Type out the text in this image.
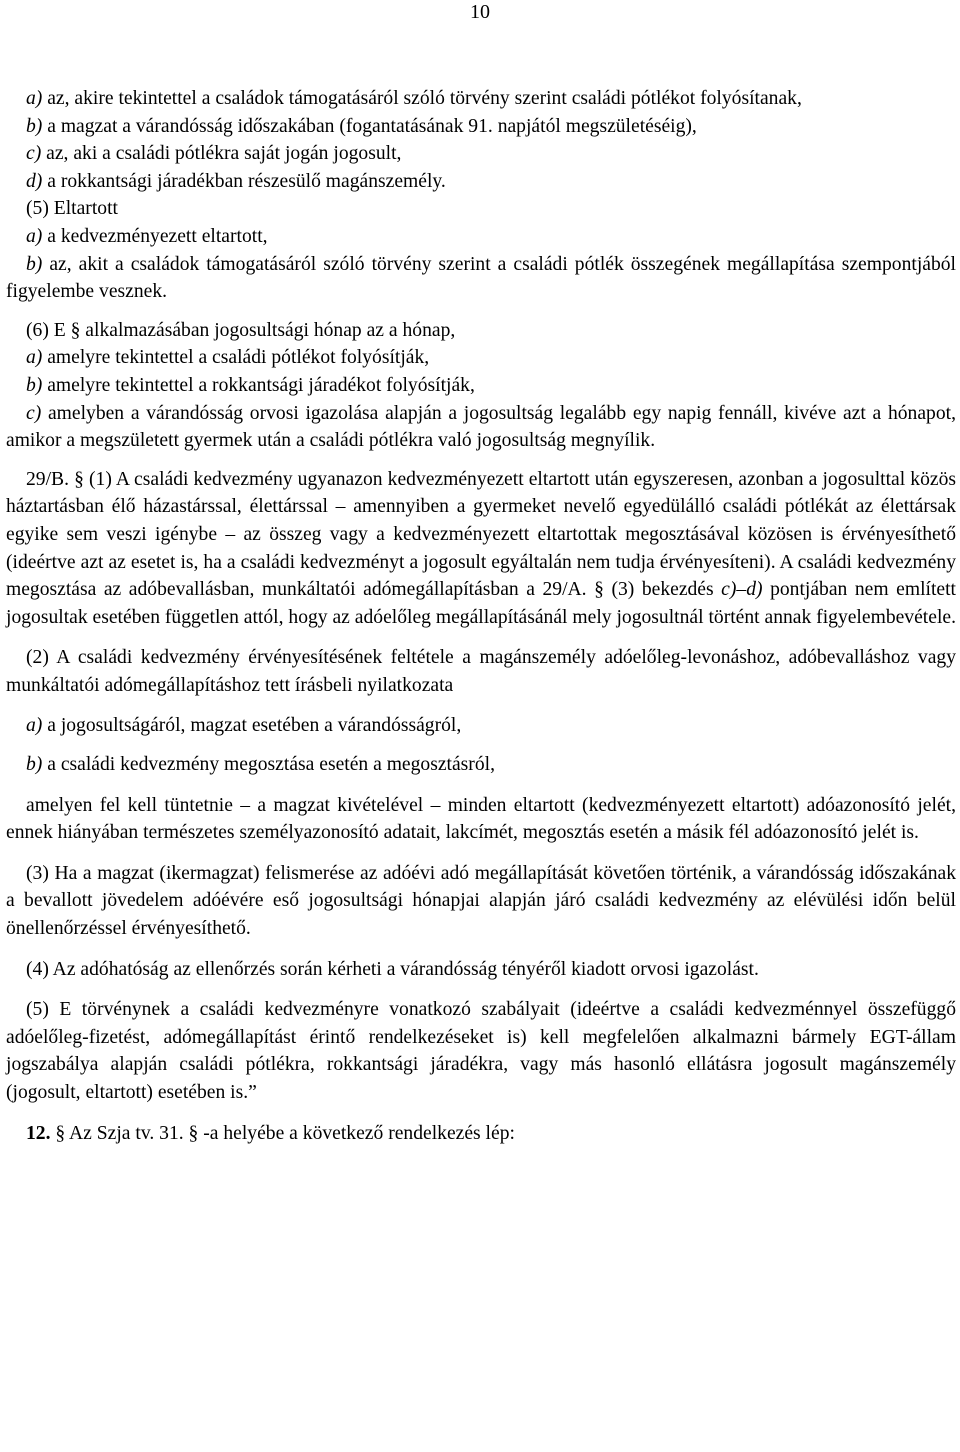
10

a) az, akire tekintettel a családok támogatásáról szóló törvény szerint családi pótlékot folyósítanak,

b) a magzat a várandósság időszakában (fogantatásának 91. napjától megszületéséig),

c) az, aki a családi pótlékra saját jogán jogosult,

d) a rokkantsági járadékban részesülő magánszemély.

(5) Eltartott

a) a kedvezményezett eltartott,

b) az, akit a családok támogatásáról szóló törvény szerint a családi pótlék összegének megállapítása szempontjából figyelembe vesznek.

(6) E § alkalmazásában jogosultsági hónap az a hónap,

a) amelyre tekintettel a családi pótlékot folyósítják,

b) amelyre tekintettel a rokkantsági járadékot folyósítják,

c) amelyben a várandósság orvosi igazolása alapján a jogosultság legalább egy napig fennáll, kivéve azt a hónapot, amikor a megszületett gyermek után a családi pótlékra való jogosultság megnyílik.

29/B. § (1) A családi kedvezmény ugyanazon kedvezményezett eltartott után egyszeresen, azonban a jogosulttal közös háztartásban élő házastárssal, élettárssal – amennyiben a gyermeket nevelő egyedülálló családi pótlékát az élettársak egyike sem veszi igénybe – az összeg vagy a kedvezményezett eltartottak megosztásával közösen is érvényesíthető (ideértve azt az esetet is, ha a családi kedvezményt a jogosult egyáltalán nem tudja érvényesíteni). A családi kedvezmény megosztása az adóbevallásban, munkáltatói adómegállapításban a 29/A. § (3) bekezdés c)–d) pontjában nem említett jogosultak esetében független attól, hogy az adóelőleg megállapításánál mely jogosultnál történt annak figyelembevétele.

(2) A családi kedvezmény érvényesítésének feltétele a magánszemély adóelőleg-levonáshoz, adóbevalláshoz vagy munkáltatói adómegállapításhoz tett írásbeli nyilatkozata

a) a jogosultságáról, magzat esetében a várandósságról,

b) a családi kedvezmény megosztása esetén a megosztásról,

amelyen fel kell tüntetnie – a magzat kivételével – minden eltartott (kedvezményezett eltartott) adóazonosító jelét, ennek hiányában természetes személyazonosító adatait, lakcímét, megosztás esetén a másik fél adóazonosító jelét is.

(3) Ha a magzat (ikermagzat) felismerése az adóévi adó megállapítását követően történik, a várandósság időszakának a bevallott jövedelem adóévére eső jogosultsági hónapjai alapján járó családi kedvezmény az elévülési időn belül önellenőrzéssel érvényesíthető.

(4) Az adóhatóság az ellenőrzés során kérheti a várandósság tényéről kiadott orvosi igazolást.

(5) E törvénynek a családi kedvezményre vonatkozó szabályait (ideértve a családi kedvezménnyel összefüggő adóelőleg-fizetést, adómegállapítást érintő rendelkezéseket is) kell megfelelően alkalmazni bármely EGT-állam jogszabálya alapján családi pótlékra, rokkantsági járadékra, vagy más hasonló ellátásra jogosult magánszemély (jogosult, eltartott) esetében is.”

12. § Az Szja tv. 31. § -a helyébe a következő rendelkezés lép:
